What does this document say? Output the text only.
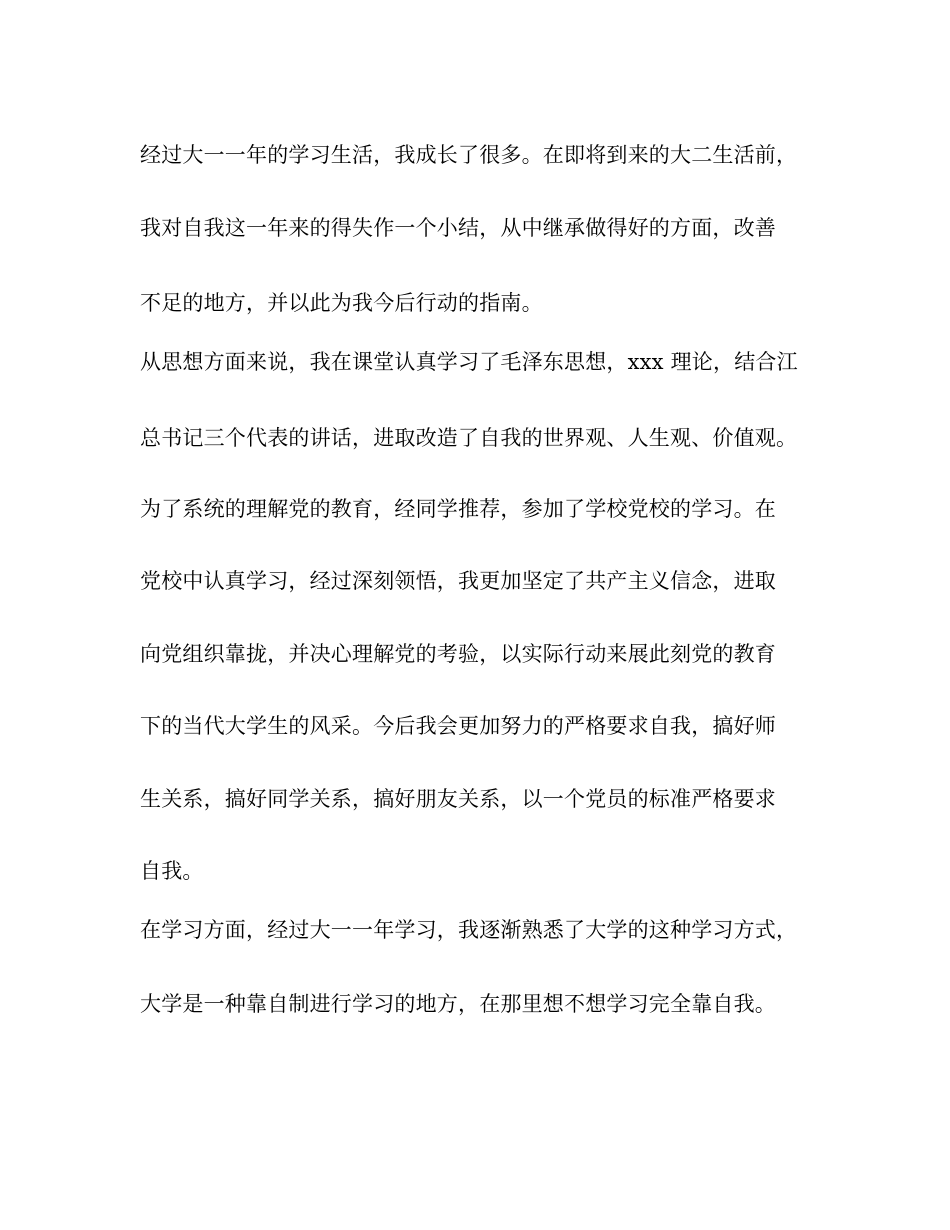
经过大一一年的学习生活，我成长了很多。在即将到来的大二生活前，
我对自我这一年来的得失作一个小结，从中继承做得好的方面，改善
不足的地方，并以此为我今后行动的指南。
从思想方面来说，我在课堂认真学习了毛泽东思想，xxx 理论，结合江
总书记三个代表的讲话，进取改造了自我的世界观、人生观、价值观。
为了系统的理解党的教育，经同学推荐，参加了学校党校的学习。在
党校中认真学习，经过深刻领悟，我更加坚定了共产主义信念，进取
向党组织靠拢，并决心理解党的考验，以实际行动来展此刻党的教育
下的当代大学生的风采。今后我会更加努力的严格要求自我，搞好师
生关系，搞好同学关系，搞好朋友关系，以一个党员的标准严格要求
自我。
在学习方面，经过大一一年学习，我逐渐熟悉了大学的这种学习方式，
大学是一种靠自制进行学习的地方，在那里想不想学习完全靠自我。
